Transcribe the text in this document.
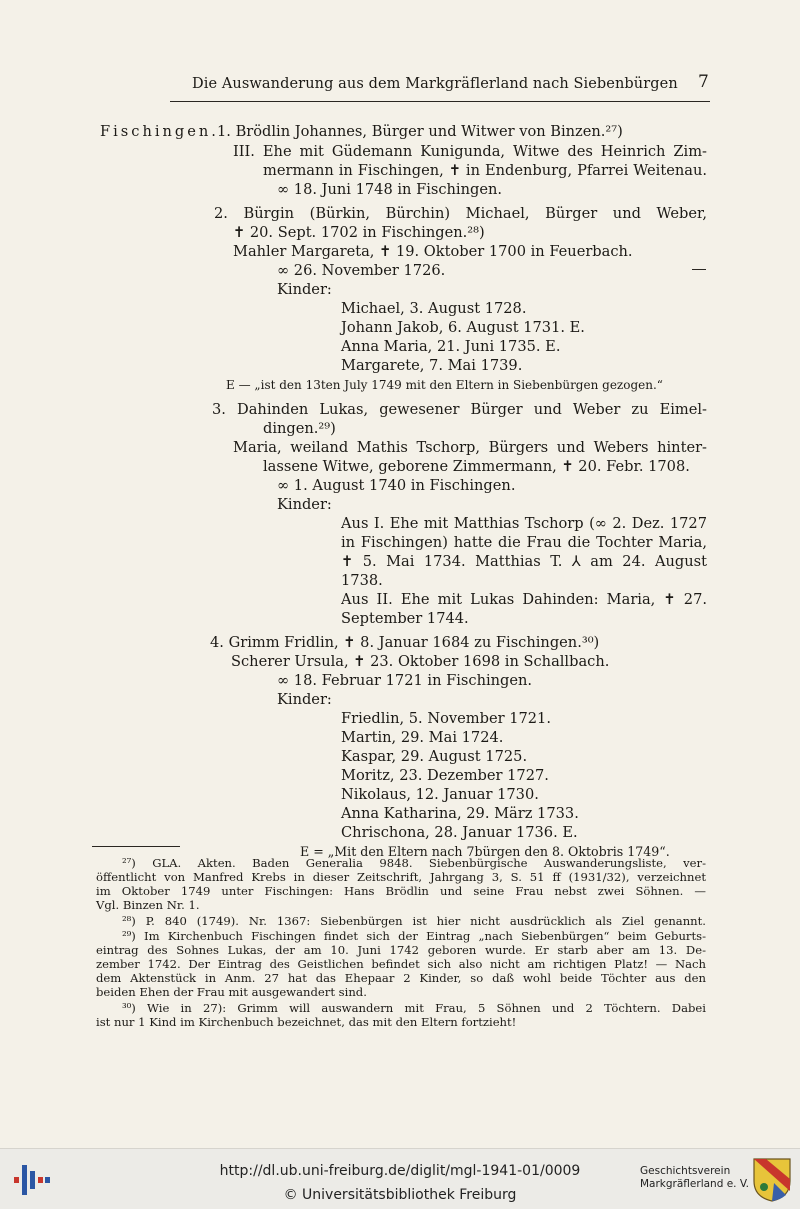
Die Auswanderung aus dem Markgräflerland nach Siebenbürgen 7
Fischingen.
1. Brödlin Johannes, Bürger und Witwer von Binzen.²⁷)
III. Ehe mit Güdemann Kunigunda, Witwe des Heinrich Zim-
mermann in Fischingen, ✝ in Endenburg, Pfarrei Weitenau.
∞ 18. Juni 1748 in Fischingen.
2. Bürgin (Bürkin, Bürchin) Michael, Bürger und Weber,
✝ 20. Sept. 1702 in Fischingen.²⁸)
Mahler Margareta, ✝ 19. Oktober 1700 in Feuerbach.
∞ 26. November 1726.
Kinder:
Michael, 3. August 1728.
Johann Jakob, 6. August 1731. E.
Anna Maria, 21. Juni 1735. E.
Margarete, 7. Mai 1739.
E — „ist den 13ten July 1749 mit den Eltern in Siebenbürgen gezogen.“
3. Dahinden Lukas, gewesener Bürger und Weber zu Eimel-
dingen.²⁹)
Maria, weiland Mathis Tschorp, Bürgers und Webers hinter-
lassene Witwe, geborene Zimmermann, ✝ 20. Febr. 1708.
∞ 1. August 1740 in Fischingen.
Kinder:
Aus I. Ehe mit Matthias Tschorp (∞ 2. Dez. 1727
in Fischingen) hatte die Frau die Tochter Maria,
✝ 5. Mai 1734. Matthias T. ⅄ am 24. August
1738.
Aus II. Ehe mit Lukas Dahinden: Maria, ✝ 27.
September 1744.
4. Grimm Fridlin, ✝ 8. Januar 1684 zu Fischingen.³⁰)
Scherer Ursula, ✝ 23. Oktober 1698 in Schallbach.
∞ 18. Februar 1721 in Fischingen.
Kinder:
Friedlin, 5. November 1721.
Martin, 29. Mai 1724.
Kaspar, 29. August 1725.
Moritz, 23. Dezember 1727.
Nikolaus, 12. Januar 1730.
Anna Katharina, 29. März 1733.
Chrischona, 28. Januar 1736. E.
E = „Mit den Eltern nach 7bürgen den 8. Oktobris 1749“.
²⁷) GLA. Akten. Baden Generalia 9848. Siebenbürgische Auswanderungsliste, ver-
öffentlicht von Manfred Krebs in dieser Zeitschrift, Jahrgang 3, S. 51 ff (1931/32), verzeichnet
im Oktober 1749 unter Fischingen: Hans Brödlin und seine Frau nebst zwei Söhnen. —
Vgl. Binzen Nr. 1.
²⁸) P. 840 (1749). Nr. 1367: Siebenbürgen ist hier nicht ausdrücklich als Ziel genannt.
²⁹) Im Kirchenbuch Fischingen findet sich der Eintrag „nach Siebenbürgen“ beim Geburts-
eintrag des Sohnes Lukas, der am 10. Juni 1742 geboren wurde. Er starb aber am 13. De-
zember 1742. Der Eintrag des Geistlichen befindet sich also nicht am richtigen Platz! — Nach
dem Aktenstück in Anm. 27 hat das Ehepaar 2 Kinder, so daß wohl beide Töchter aus den
beiden Ehen der Frau mit ausgewandert sind.
³⁰) Wie in 27): Grimm will auswandern mit Frau, 5 Söhnen und 2 Töchtern. Dabei
ist nur 1 Kind im Kirchenbuch bezeichnet, das mit den Eltern fortzieht!
http://dl.ub.uni-freiburg.de/diglit/mgl-1941-01/0009
© Universitätsbibliothek Freiburg
Geschichtsverein
Markgräflerland e. V.
